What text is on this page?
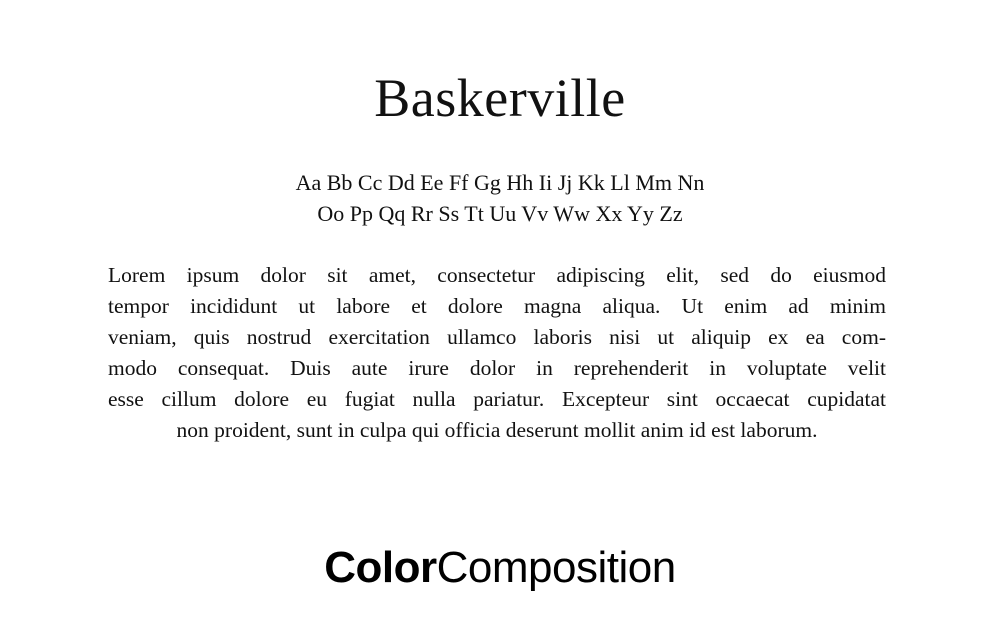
Baskerville
Aa Bb Cc Dd Ee Ff Gg Hh Ii Jj Kk Ll Mm Nn
Oo Pp Qq Rr Ss Tt Uu Vv Ww Xx Yy Zz
Lorem ipsum dolor sit amet, consectetur adipiscing elit, sed do eiusmod
tempor incididunt ut labore et dolore magna aliqua. Ut enim ad minim
veniam, quis nostrud exercitation ullamco laboris nisi ut aliquip ex ea com-
modo consequat. Duis aute irure dolor in reprehenderit in voluptate velit
esse cillum dolore eu fugiat nulla pariatur. Excepteur sint occaecat cupidatat
non proident, sunt in culpa qui officia deserunt mollit anim id est laborum.
ColorComposition
